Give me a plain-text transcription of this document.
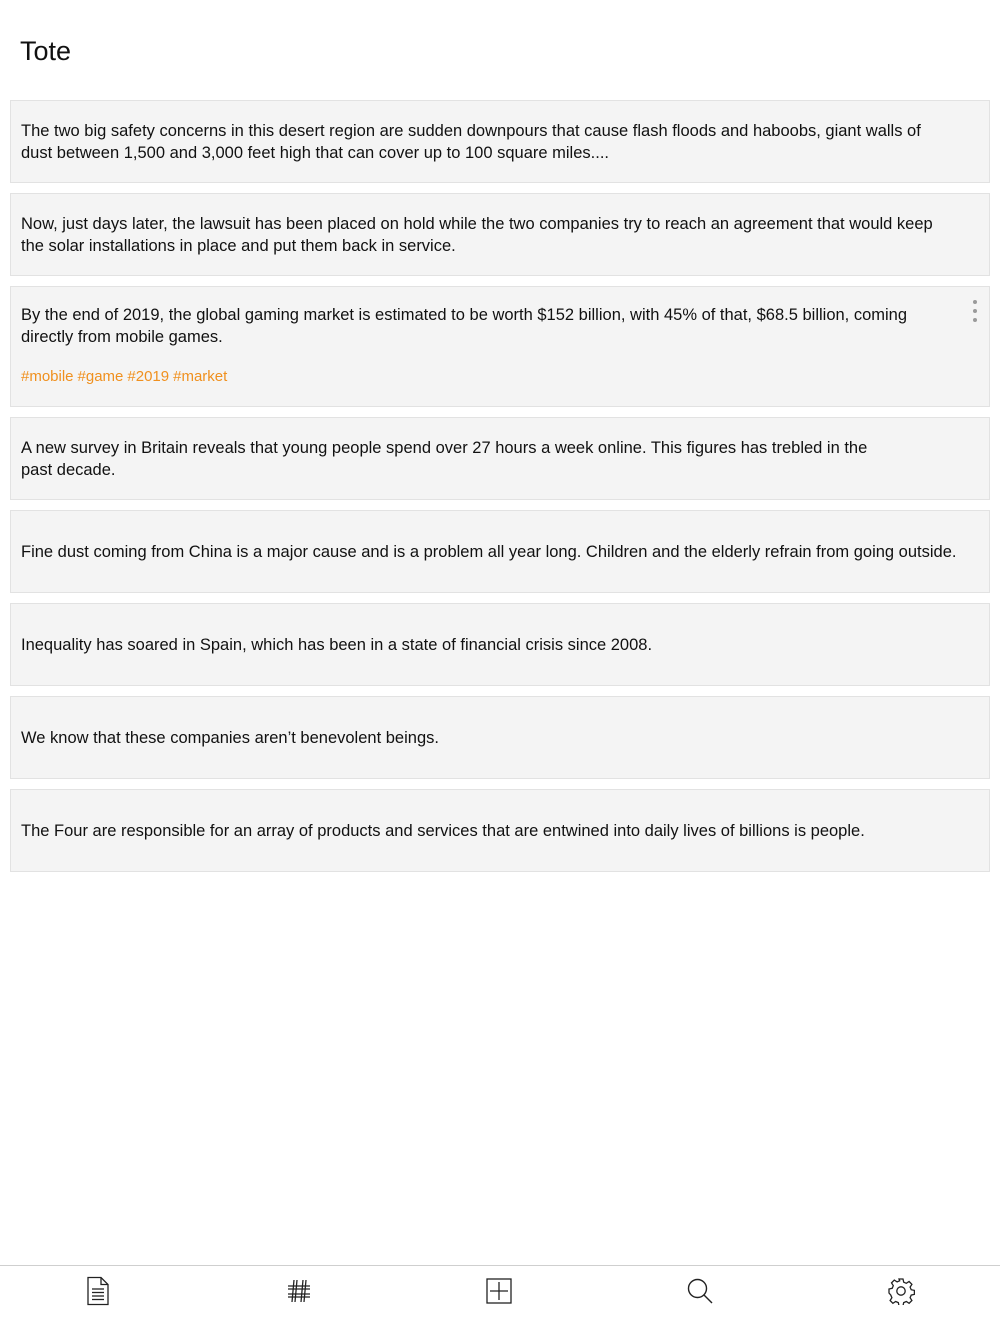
Tote
The two big safety concerns in this desert region are sudden downpours that cause flash floods and haboobs, giant walls of dust between 1,500 and 3,000 feet high that can cover up to 100 square miles....
Now, just days later, the lawsuit has been placed on hold while the two companies try to reach an agreement that would keep the solar installations in place and put them back in service.
By the end of 2019, the global gaming market is estimated to be worth $152 billion, with 45% of that, $68.5 billion, coming directly from mobile games.
#mobile #game #2019 #market
A new survey in Britain reveals that young people spend over 27 hours a week online. This figures has trebled in the past decade.
Fine dust coming from China is a major cause and is a problem all year long. Children and the elderly refrain from going outside.
Inequality has soared in Spain, which has been in a state of financial crisis since 2008.
We know that these companies aren’t benevolent beings.
The Four are responsible for an array of products and services that are entwined into daily lives of billions is people.
